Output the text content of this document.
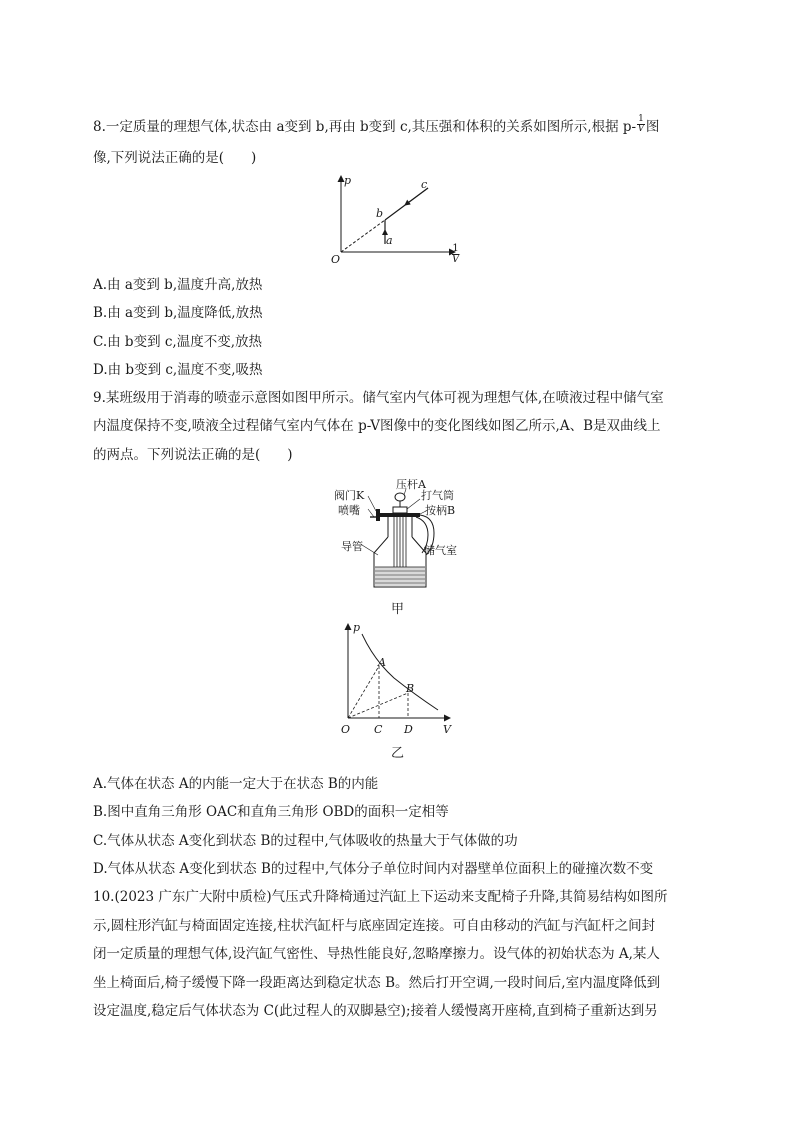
8.一定质量的理想气体,状态由 a变到 b,再由 b变到 c,其压强和体积的关系如图所示,根据 $p- \frac{1}{V}$ 图
像,下列说法正确的是(　　)
p
O
c
b
a
$\frac{1}{V}$
A.由 a变到 b,温度升高,放热
B.由 a变到 b,温度降低,放热
C.由 b变到 c,温度不变,放热
D.由 b变到 c,温度不变,吸热
9.某班级用于消毒的喷壶示意图如图甲所示。储气室内气体可视为理想气体,在喷液过程中储气室
内温度保持不变,喷液全过程储气室内气体在 p-V图像中的变化图线如图乙所示,A、B是双曲线上
的两点。下列说法正确的是(　　)
压杆A
阀门K	打气筒
喷嘴	按柄B
导管	储气室
甲
p
A
B
O C D	V
乙
A.气体在状态 A的内能一定大于在状态 B的内能
B.图中直角三角形 OAC和直角三角形 OBD的面积一定相等
C.气体从状态 A变化到状态 B的过程中,气体吸收的热量大于气体做的功
D.气体从状态 A变化到状态 B的过程中,气体分子单位时间内对器壁单位面积上的碰撞次数不变
10.(2023 广东广大附中质检)气压式升降椅通过汽缸上下运动来支配椅子升降,其简易结构如图所
示,圆柱形汽缸与椅面固定连接,柱状汽缸杆与底座固定连接。可自由移动的汽缸与汽缸杆之间封
闭一定质量的理想气体,设汽缸气密性、导热性能良好,忽略摩擦力。设气体的初始状态为 A,某人
坐上椅面后,椅子缓慢下降一段距离达到稳定状态 B。然后打开空调,一段时间后,室内温度降低到
设定温度,稳定后气体状态为 C(此过程人的双脚悬空);接着人缓慢离开座椅,直到椅子重新达到另
